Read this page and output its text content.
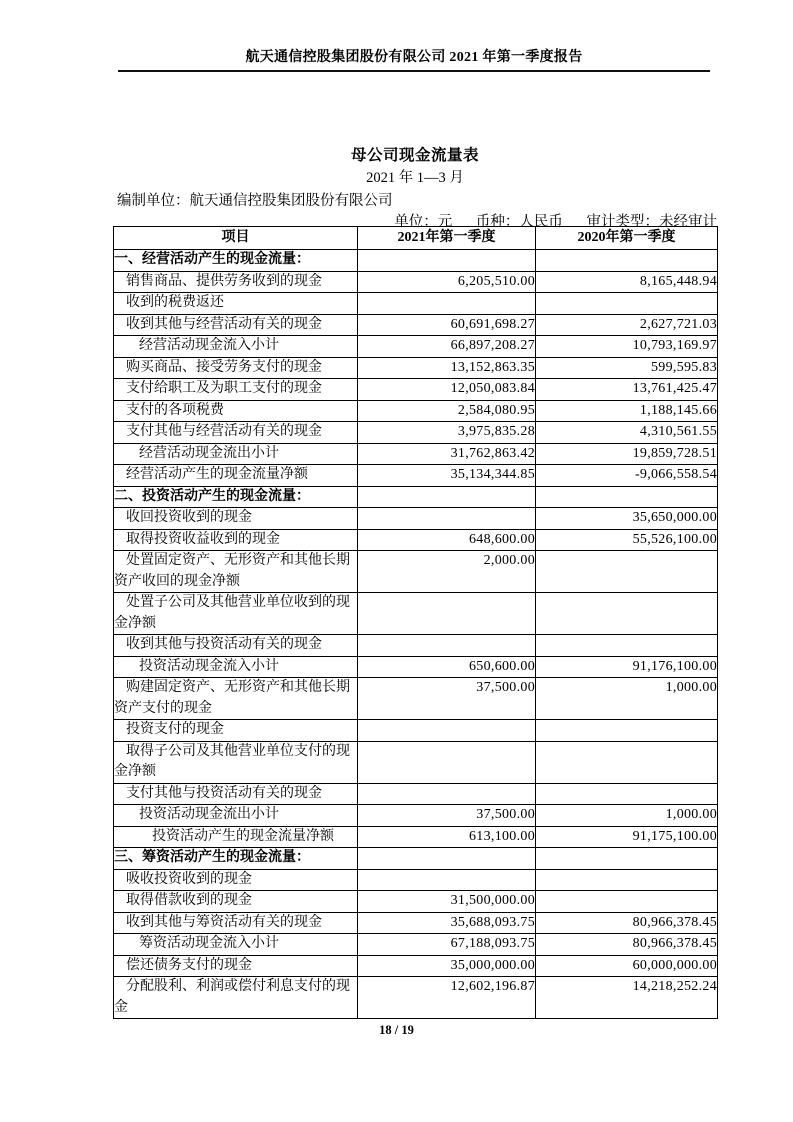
航天通信控股集团股份有限公司 2021 年第一季度报告
母公司现金流量表
2021 年 1—3 月
编制单位：航天通信控股集团股份有限公司
单位：元 币种：人民币 审计类型：未经审计
项目	2021年第一季度	2020年第一季度
一、经营活动产生的现金流量：		
销售商品、提供劳务收到的现金	6,205,510.00	8,165,448.94
收到的税费返还		
收到其他与经营活动有关的现金	60,691,698.27	2,627,721.03
经营活动现金流入小计	66,897,208.27	10,793,169.97
购买商品、接受劳务支付的现金	13,152,863.35	599,595.83
支付给职工及为职工支付的现金	12,050,083.84	13,761,425.47
支付的各项税费	2,584,080.95	1,188,145.66
支付其他与经营活动有关的现金	3,975,835.28	4,310,561.55
经营活动现金流出小计	31,762,863.42	19,859,728.51
经营活动产生的现金流量净额	35,134,344.85	-9,066,558.54
二、投资活动产生的现金流量：		
收回投资收到的现金		35,650,000.00
取得投资收益收到的现金	648,600.00	55,526,100.00
处置固定资产、无形资产和其他长期资产收回的现金净额	2,000.00	
处置子公司及其他营业单位收到的现金净额		
收到其他与投资活动有关的现金		
投资活动现金流入小计	650,600.00	91,176,100.00
购建固定资产、无形资产和其他长期资产支付的现金	37,500.00	1,000.00
投资支付的现金		
取得子公司及其他营业单位支付的现金净额		
支付其他与投资活动有关的现金		
投资活动现金流出小计	37,500.00	1,000.00
投资活动产生的现金流量净额	613,100.00	91,175,100.00
三、筹资活动产生的现金流量：		
吸收投资收到的现金		
取得借款收到的现金	31,500,000.00	
收到其他与筹资活动有关的现金	35,688,093.75	80,966,378.45
筹资活动现金流入小计	67,188,093.75	80,966,378.45
偿还债务支付的现金	35,000,000.00	60,000,000.00
分配股利、利润或偿付利息支付的现金	12,602,196.87	14,218,252.24
18 / 19
